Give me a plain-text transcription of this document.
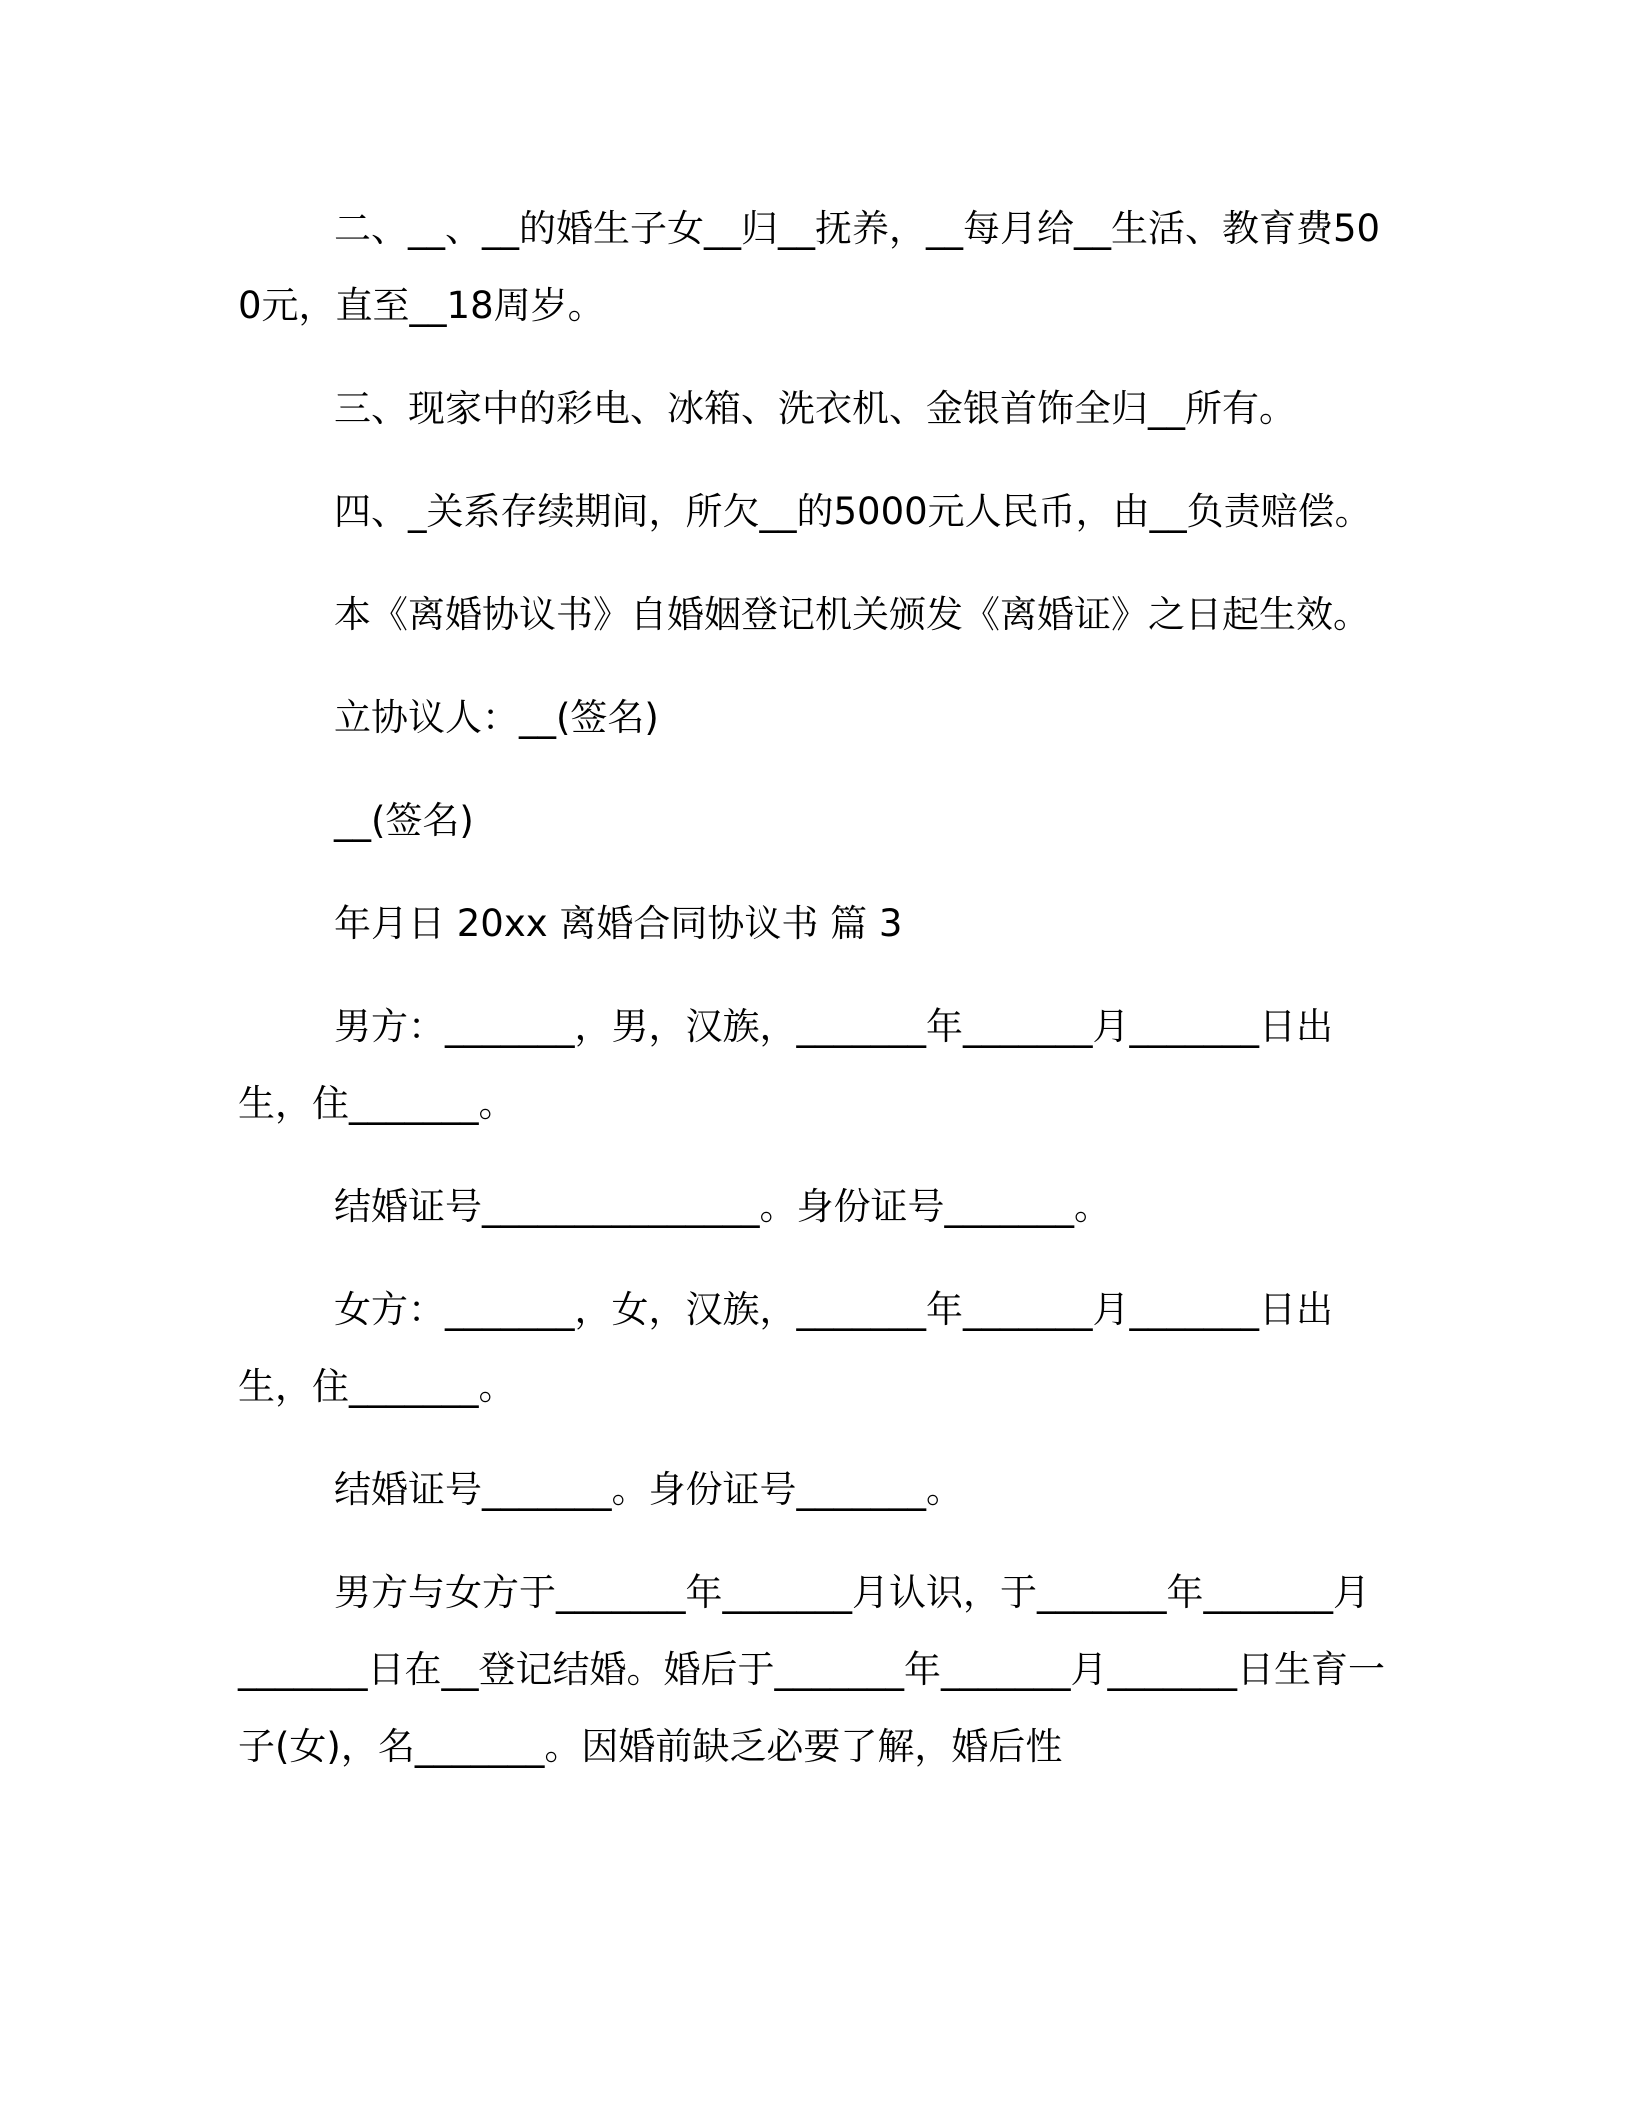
二、__、__的婚生子女__归__抚养，__每月给__生活、教育费500元，直至__18周岁。

三、现家中的彩电、冰箱、洗衣机、金银首饰全归__所有。

四、_关系存续期间，所欠__的5000元人民币，由__负责赔偿。

本《离婚协议书》自婚姻登记机关颁发《离婚证》之日起生效。

立协议人：__(签名)

__(签名)

年月日 20xx 离婚合同协议书 篇 3

男方：_______，男，汉族，_______年_______月_______日出生，住_______。

结婚证号_______________。身份证号_______。

女方：_______，女，汉族，_______年_______月_______日出生，住_______。

结婚证号_______。身份证号_______。

男方与女方于_______年_______月认识，于_______年_______月_______日在__登记结婚。婚后于_______年_______月_______日生育一子(女)，名_______。因婚前缺乏必要了解，婚后性
